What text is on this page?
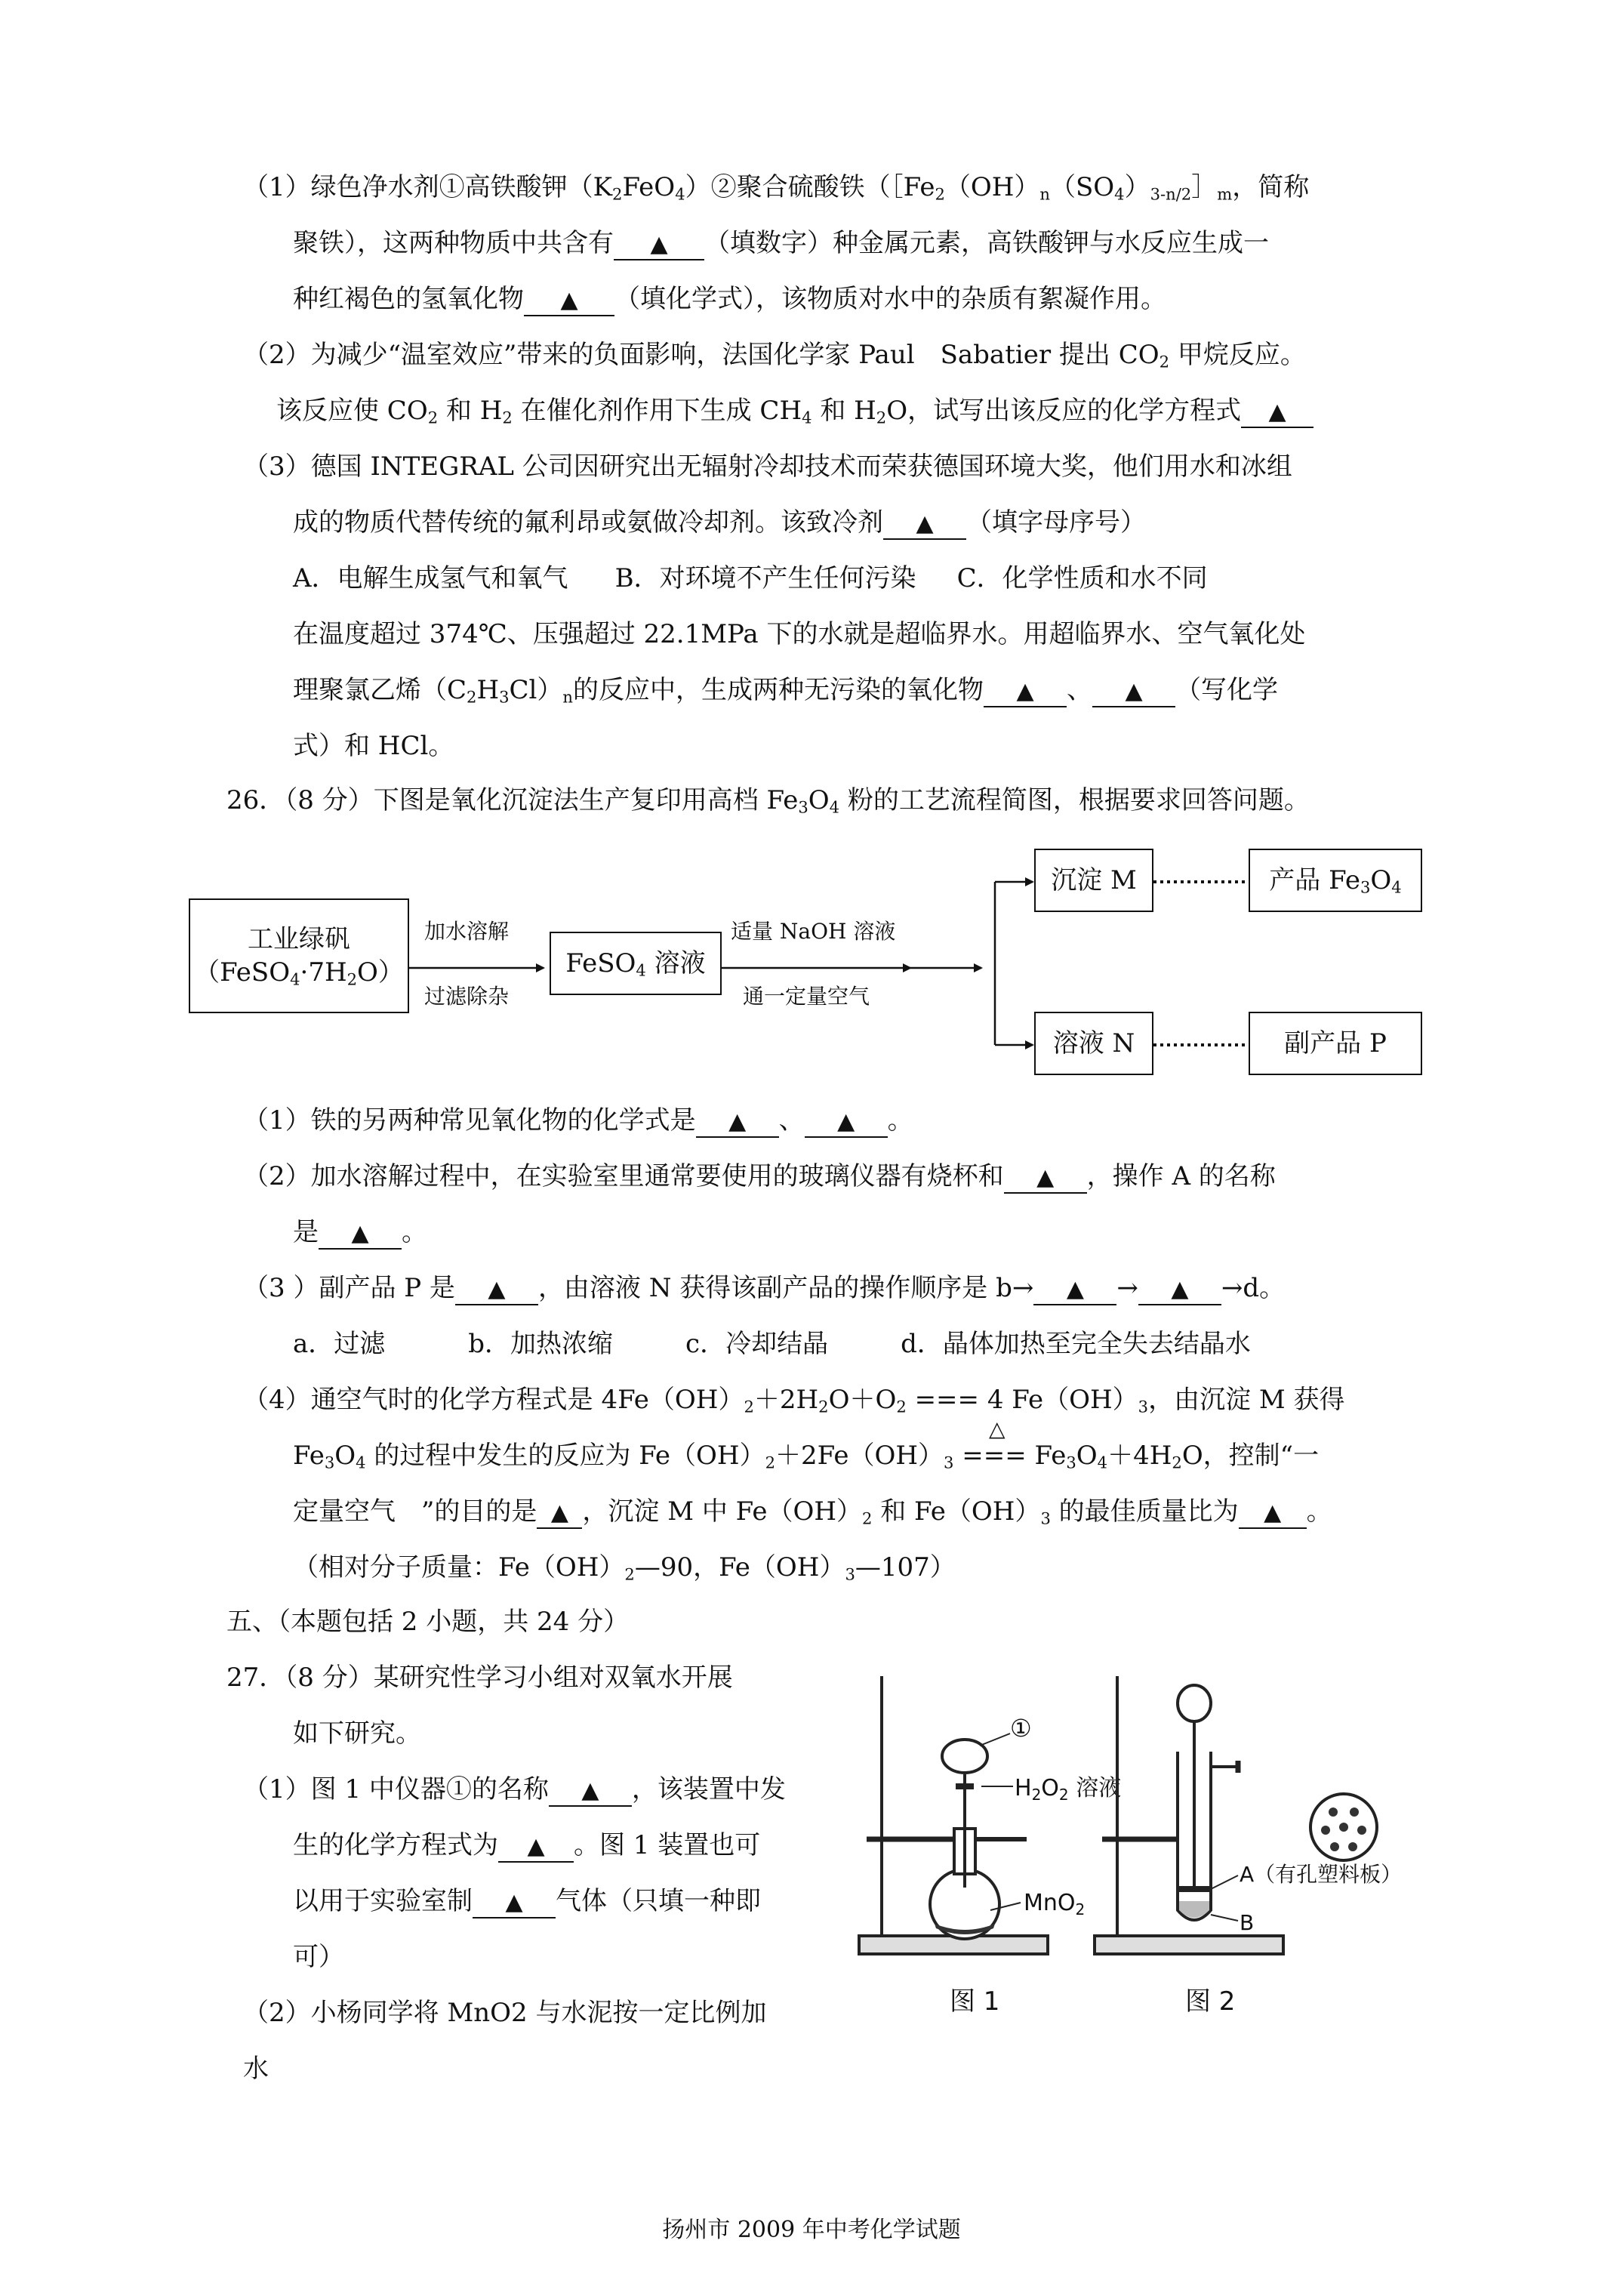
（1）绿色净水剂①高铁酸钾$(K_2FeO_4)②$聚合硫酸铁（$[Fe_2(OH)_n(SO_4)_{3-n/2}]_m$，简称
聚铁），这两种物质中共含有 ▲ （填数字）种金属元素，高铁酸钾与水反应生成一
种红褐色的氢氧化物 ▲ （填化学式），该物质对水中的杂质有絮凝作用。
（2）为减少“温室效应”带来的负面影响，法国化学家 Paul　Sabatier 提出 $CO_2$ 甲烷反应。
该反应使 $CO_2$ 和 $H_2$ 在催化剂作用下生成 $CH_4$ 和 $H_2O$，试写出该反应的化学方程式 ▲
（3）德国 INTEGRAL 公司因研究出无辐射冷却技术而荣获德国环境大奖，他们用水和冰组
成的物质代替传统的氟利昂或氨做冷却剂。该致冷剂 ▲ （填字母序号）
A．电解生成氢气和氧气 B．对环境不产生任何污染 C．化学性质和水不同
在温度超过 374℃、压强超过 22.1MPa 下的水就是超临界水。用超临界水、空气氧化处
理聚氯乙烯$(C_2H_3Cl)_n$的反应中，生成两种无污染的氧化物 ▲ 、 ▲ （写化学
式）和 HCl。
26．（8 分）下图是氧化沉淀法生产复印用高档 $Fe_3O_4$ 粉的工艺流程简图，根据要求回答问题。
工业绿矾
$(FeSO_4\cdot 7H_2O)$
加水溶解
过滤除杂
FeSO$_4$ 溶液
适量 NaOH 溶液
通一定量空气
沉淀 M	产品 $Fe_3O_4$
溶液 N	副产品 P
（1）铁的另两种常见氧化物的化学式是 ▲ 、 ▲ 。
（2）加水溶解过程中，在实验室里通常要使用的玻璃仪器有烧杯和 ▲ ，操作 A 的名称
是 ▲ 。
（3 ）副产品 P 是 ▲ ，由溶液 N 获得该副产品的操作顺序是 b→ ▲ → ▲ →d。
a．过滤	b．加热浓缩	c．冷却结晶	d．晶体加热至完全失去结晶水
（4）通空气时的化学方程式是 $4Fe(OH)_2+2H_2O+O_2$ === 4 $Fe(OH)_3$，由沉淀 M 获得
△
$Fe_3O_4$ 的过程中发生的反应为 $Fe(OH)_2+2Fe(OH)_3$ === $Fe_3O_4+4H_2O$，控制“一
定量空气　”的目的是 ▲ ，沉淀 M 中 $Fe(OH)_2$ 和 $Fe(OH)_3$ 的最佳质量比为 ▲ 。
（相对分子质量：$Fe(OH)_2—90$，$Fe(OH)_3—107$）
五、（本题包括 2 小题，共 24 分）
27．（8 分）某研究性学习小组对双氧水开展
如下研究。
（1）图 1 中仪器①的名称 ▲ ，该装置中发
生的化学方程式为 ▲ 。图 1 装置也可
以用于实验室制 ▲ 气体（只填一种即
可）
（2）小杨同学将 MnO2 与水泥按一定比例加
水
①
$H_2O_2$ 溶液
MnO$_2$
A（有孔塑料板）
B
图 1	图 2
扬州市 2009 年中考化学试题
